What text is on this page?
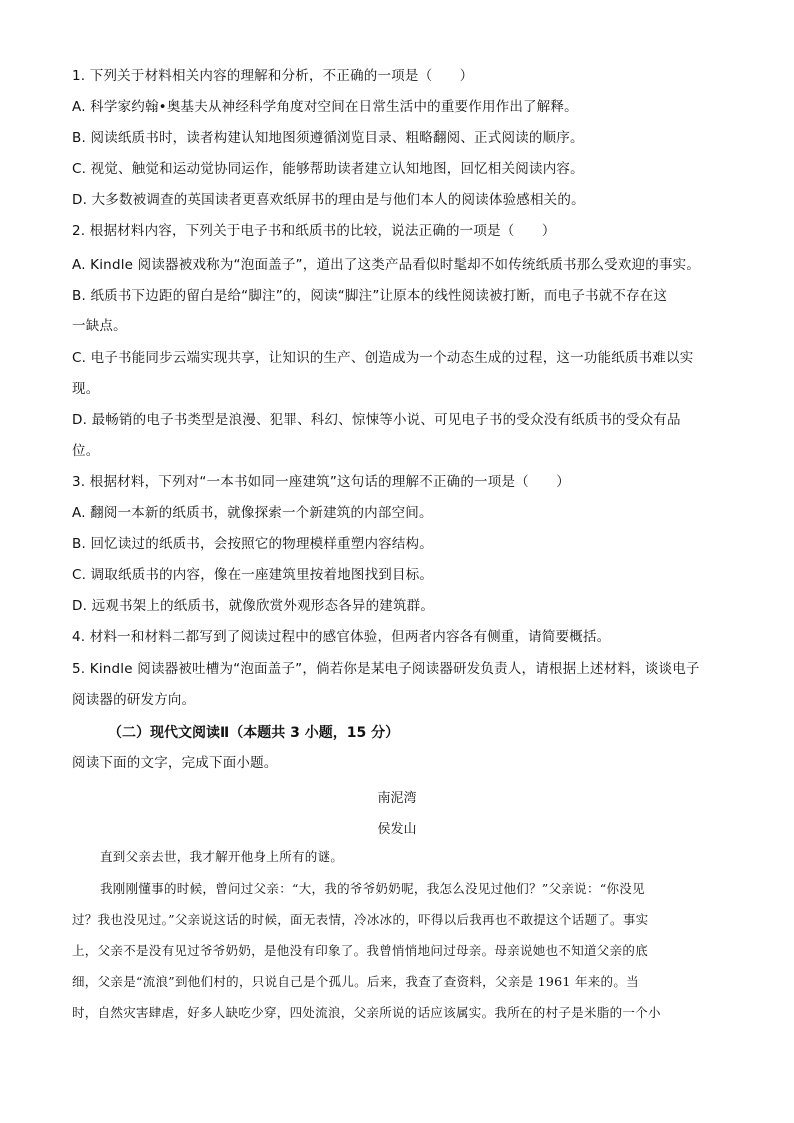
1. 下列关于材料相关内容的理解和分析，不正确的一项是（　　）
A. 科学家约翰•奥基夫从神经科学角度对空间在日常生活中的重要作用作出了解释。
B. 阅读纸质书时，读者构建认知地图须遵循浏览目录、粗略翻阅、正式阅读的顺序。
C. 视觉、触觉和运动觉协同运作，能够帮助读者建立认知地图，回忆相关阅读内容。
D. 大多数被调查的英国读者更喜欢纸屏书的理由是与他们本人的阅读体验感相关的。
2. 根据材料内容，下列关于电子书和纸质书的比较，说法正确的一项是（　　）
A. Kindle 阅读器被戏称为“泡面盖子”，道出了这类产品看似时髦却不如传统纸质书那么受欢迎的事实。
B. 纸质书下边距的留白是给“脚注”的，阅读“脚注”让原本的线性阅读被打断，而电子书就不存在这
一缺点。
C. 电子书能同步云端实现共享，让知识的生产、创造成为一个动态生成的过程，这一功能纸质书难以实
现。
D. 最畅销的电子书类型是浪漫、犯罪、科幻、惊悚等小说、可见电子书的受众没有纸质书的受众有品
位。
3. 根据材料，下列对“一本书如同一座建筑”这句话的理解不正确的一项是（　　）
A. 翻阅一本新的纸质书，就像探索一个新建筑的内部空间。
B. 回忆读过的纸质书，会按照它的物理模样重塑内容结构。
C. 调取纸质书的内容，像在一座建筑里按着地图找到目标。
D. 远观书架上的纸质书，就像欣赏外观形态各异的建筑群。
4. 材料一和材料二都写到了阅读过程中的感官体验，但两者内容各有侧重，请简要概括。
5. Kindle 阅读器被吐槽为“泡面盖子”，倘若你是某电子阅读器研发负责人，请根据上述材料，谈谈电子
阅读器的研发方向。
（二）现代文阅读Ⅱ（本题共 3 小题，15 分）
阅读下面的文字，完成下面小题。
南泥湾
侯发山
直到父亲去世，我才解开他身上所有的谜。
我刚刚懂事的时候，曾问过父亲：“大，我的爷爷奶奶呢，我怎么没见过他们？”父亲说：“你没见
过？我也没见过。”父亲说这话的时候，面无表情，冷冰冰的，吓得以后我再也不敢提这个话题了。事实
上，父亲不是没有见过爷爷奶奶，是他没有印象了。我曾悄悄地问过母亲。母亲说她也不知道父亲的底
细，父亲是“流浪”到他们村的，只说自己是个孤儿。后来，我查了查资料，父亲是 1961 年来的。当
时，自然灾害肆虐，好多人缺吃少穿，四处流浪，父亲所说的话应该属实。我所在的村子是米脂的一个小
